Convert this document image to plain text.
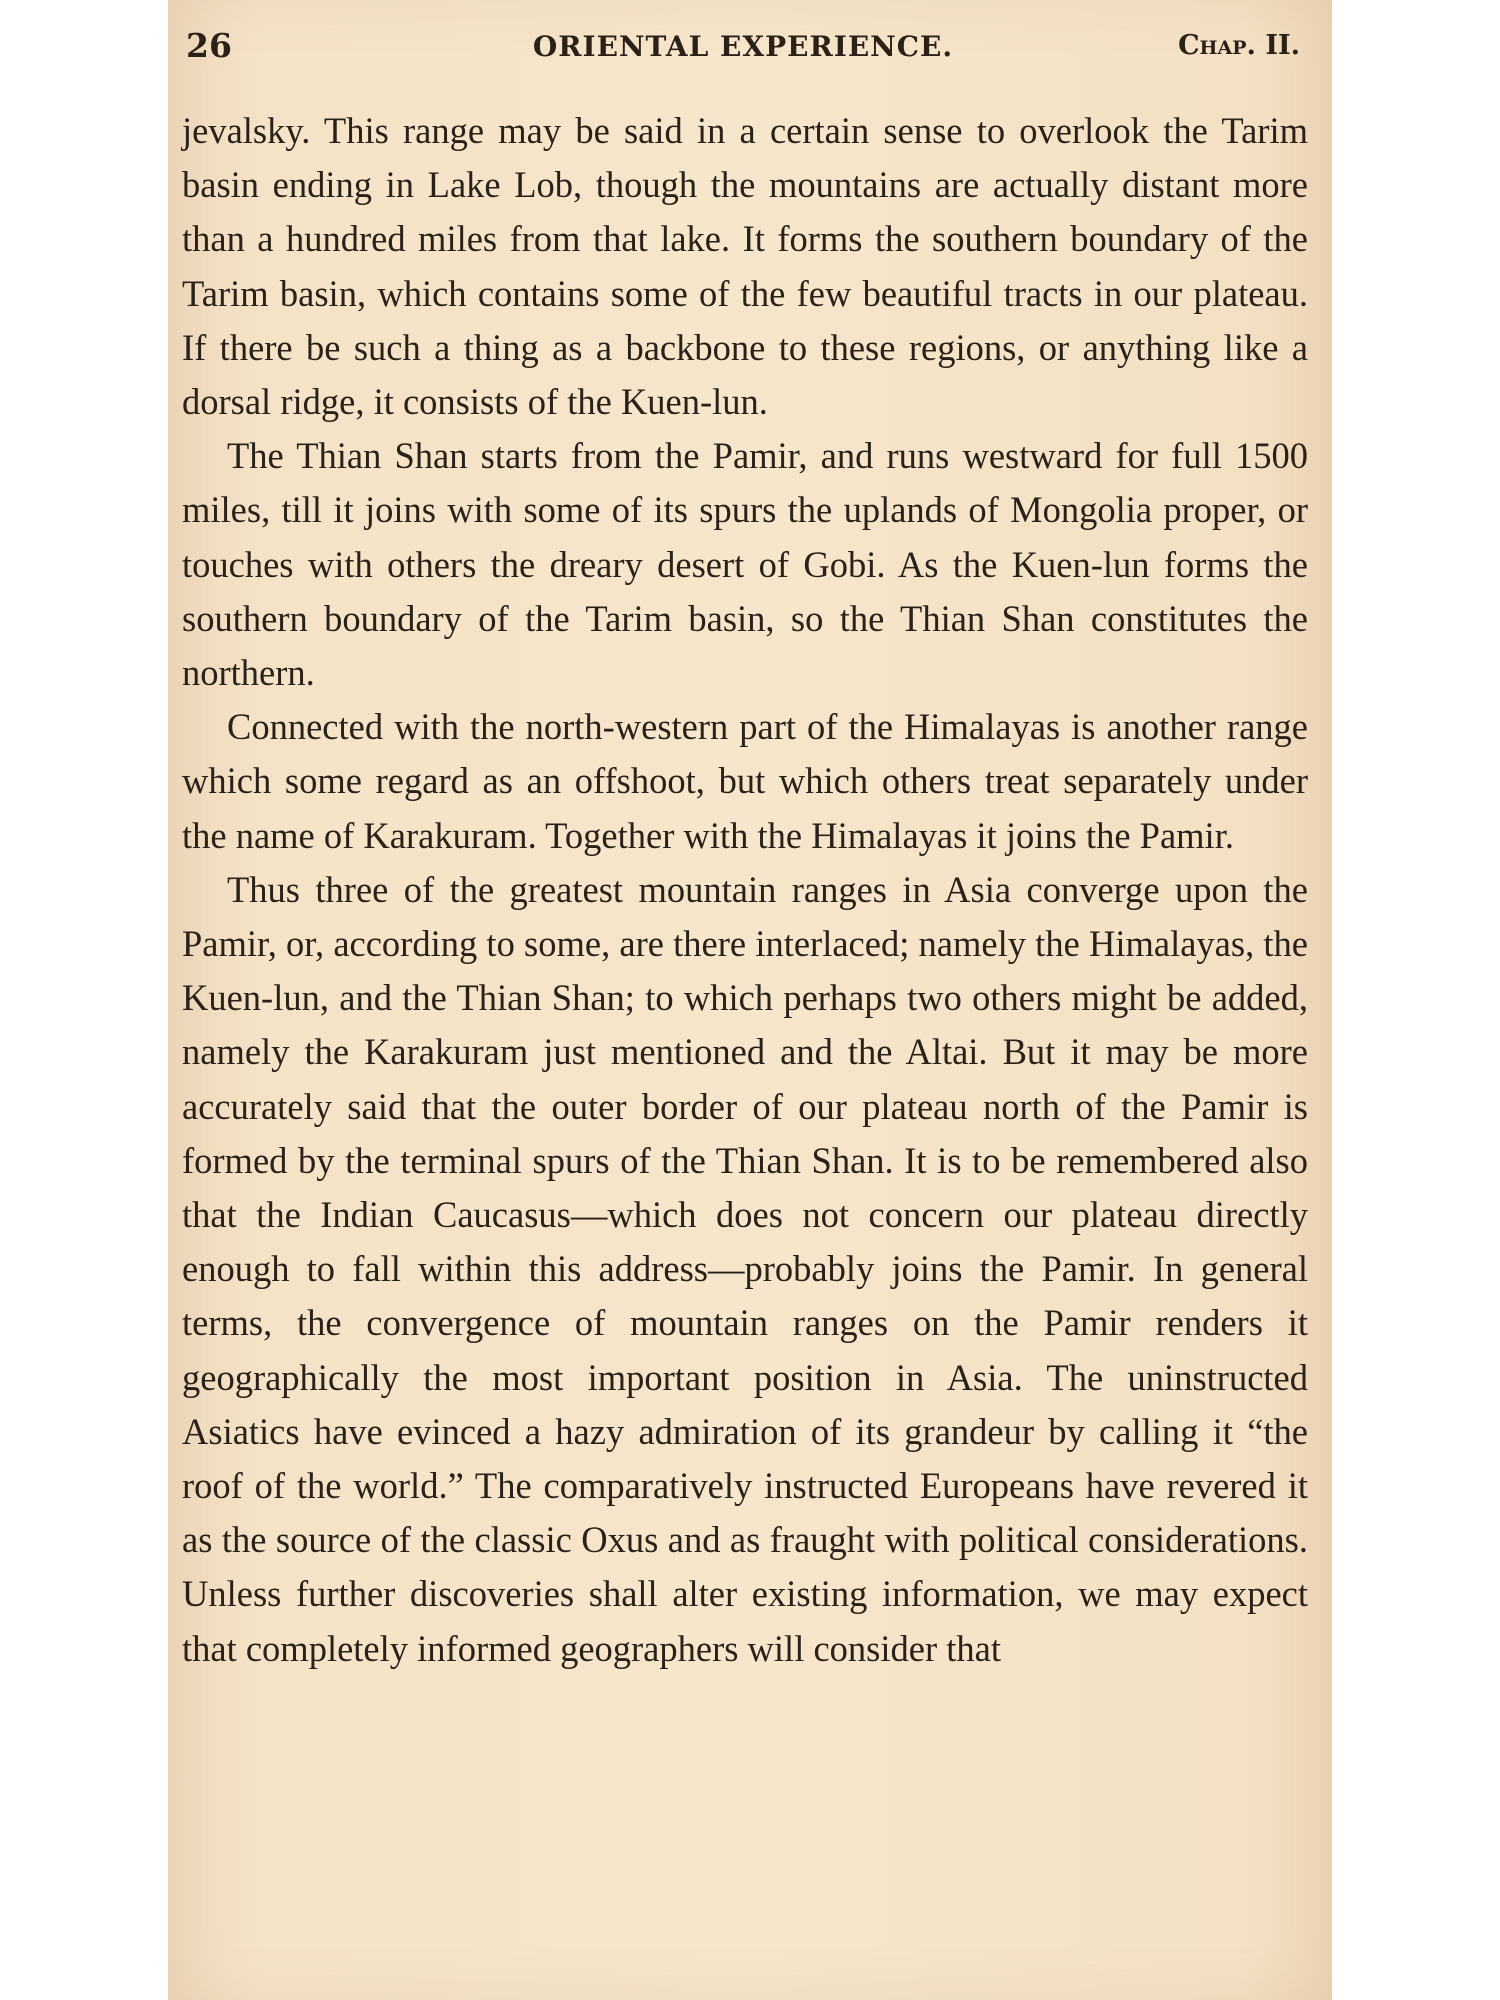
26	ORIENTAL EXPERIENCE.	Chap. II.

jevalsky. This range may be said in a certain sense to overlook the Tarim basin ending in Lake Lob, though the mountains are actually distant more than a hundred miles from that lake. It forms the southern boundary of the Tarim basin, which contains some of the few beautiful tracts in our plateau. If there be such a thing as a backbone to these regions, or anything like a dorsal ridge, it consists of the Kuen-lun.

The Thian Shan starts from the Pamir, and runs westward for full 1500 miles, till it joins with some of its spurs the uplands of Mongolia proper, or touches with others the dreary desert of Gobi. As the Kuen-lun forms the southern boundary of the Tarim basin, so the Thian Shan constitutes the northern.

Connected with the north-western part of the Himalayas is another range which some regard as an offshoot, but which others treat separately under the name of Karakuram. Together with the Himalayas it joins the Pamir.

Thus three of the greatest mountain ranges in Asia converge upon the Pamir, or, according to some, are there interlaced; namely the Himalayas, the Kuen-lun, and the Thian Shan; to which perhaps two others might be added, namely the Karakuram just mentioned and the Altai. But it may be more accurately said that the outer border of our plateau north of the Pamir is formed by the terminal spurs of the Thian Shan. It is to be remembered also that the Indian Caucasus—which does not concern our plateau directly enough to fall within this address—probably joins the Pamir. In general terms, the convergence of mountain ranges on the Pamir renders it geographically the most important position in Asia. The uninstructed Asiatics have evinced a hazy admiration of its grandeur by calling it “the roof of the world.” The comparatively instructed Europeans have revered it as the source of the classic Oxus and as fraught with political considerations. Unless further discoveries shall alter existing information, we may expect that completely informed geographers will consider that
